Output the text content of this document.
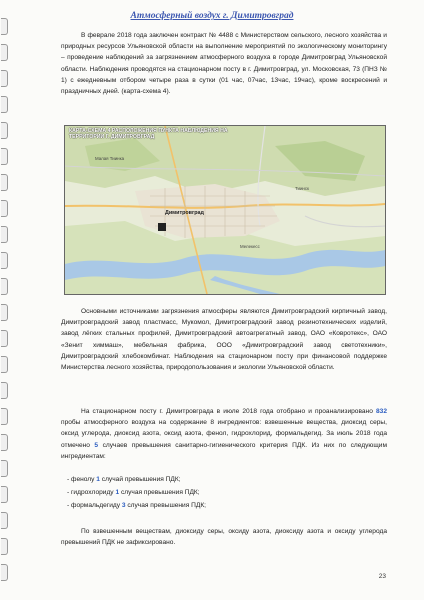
Атмосферный воздух г. Димитровград

В феврале 2018 года заключен контракт № 4488 с Министерством сельского, лесного хозяйства и природных ресурсов Ульяновской области на выполнение мероприятий по экологическому мониторингу – проведение наблюдений за загрязнением атмосферного воздуха в городе Димитровград Ульяновской области. Наблюдения проводятся на стационарном посту в г. Димитровград, ул. Московская, 73 (ПНЗ № 1) с ежедневным отбором четыре раза в сутки (01 час, 07час, 13час, 19час), кроме воскресений и праздничных дней. (карта-схема 4).

КАРТА-СХЕМА 4 РАСПОЛОЖЕНИЯ ПУНКТА НАБЛЮДЕНИЯ НА ТЕРРИТОРИИ Г. ДИМИТРОВГРАД
Димитровград
Малая Тиинка
Тиинск
Мелекесс

Основными источниками загрязнения атмосферы являются Димитровградский кирпичный завод, Димитровградский завод пластмасс, Мукомол, Димитровградский завод резинотехнических изделий, завод лёгких стальных профилей, Димитровградский автоагрегатный завод, ОАО «Ковротекс», ОАО «Зенит химмаш», мебельная фабрика, ООО «Димитровградский завод светотехники», Димитровградский хлебокомбинат. Наблюдения на стационарном посту при финансовой поддержке Министерства лесного хозяйства, природопользования и экологии Ульяновской области.

На стационарном посту г. Димитровграда в июле 2018 года отобрано и проанализировано 832 пробы атмосферного воздуха на содержание 8 ингредиентов: взвешенные вещества, диоксид серы, оксид углерода, диоксид азота, оксид азота, фенол, гидрохлорид, формальдегид. За июль 2018 года отмечено 5 случаев превышения санитарно-гигиенического критерия ПДК. Из них по следующим ингредиентам:

- фенолу 1 случай превышения ПДК;
- гидрохлориду 1 случая превышения ПДК;
- формальдегиду 3 случая превышения ПДК;

По взвешенным веществам, диоксиду серы, оксиду азота, диоксиду азота и оксиду углерода превышений ПДК не зафиксировано.

23
